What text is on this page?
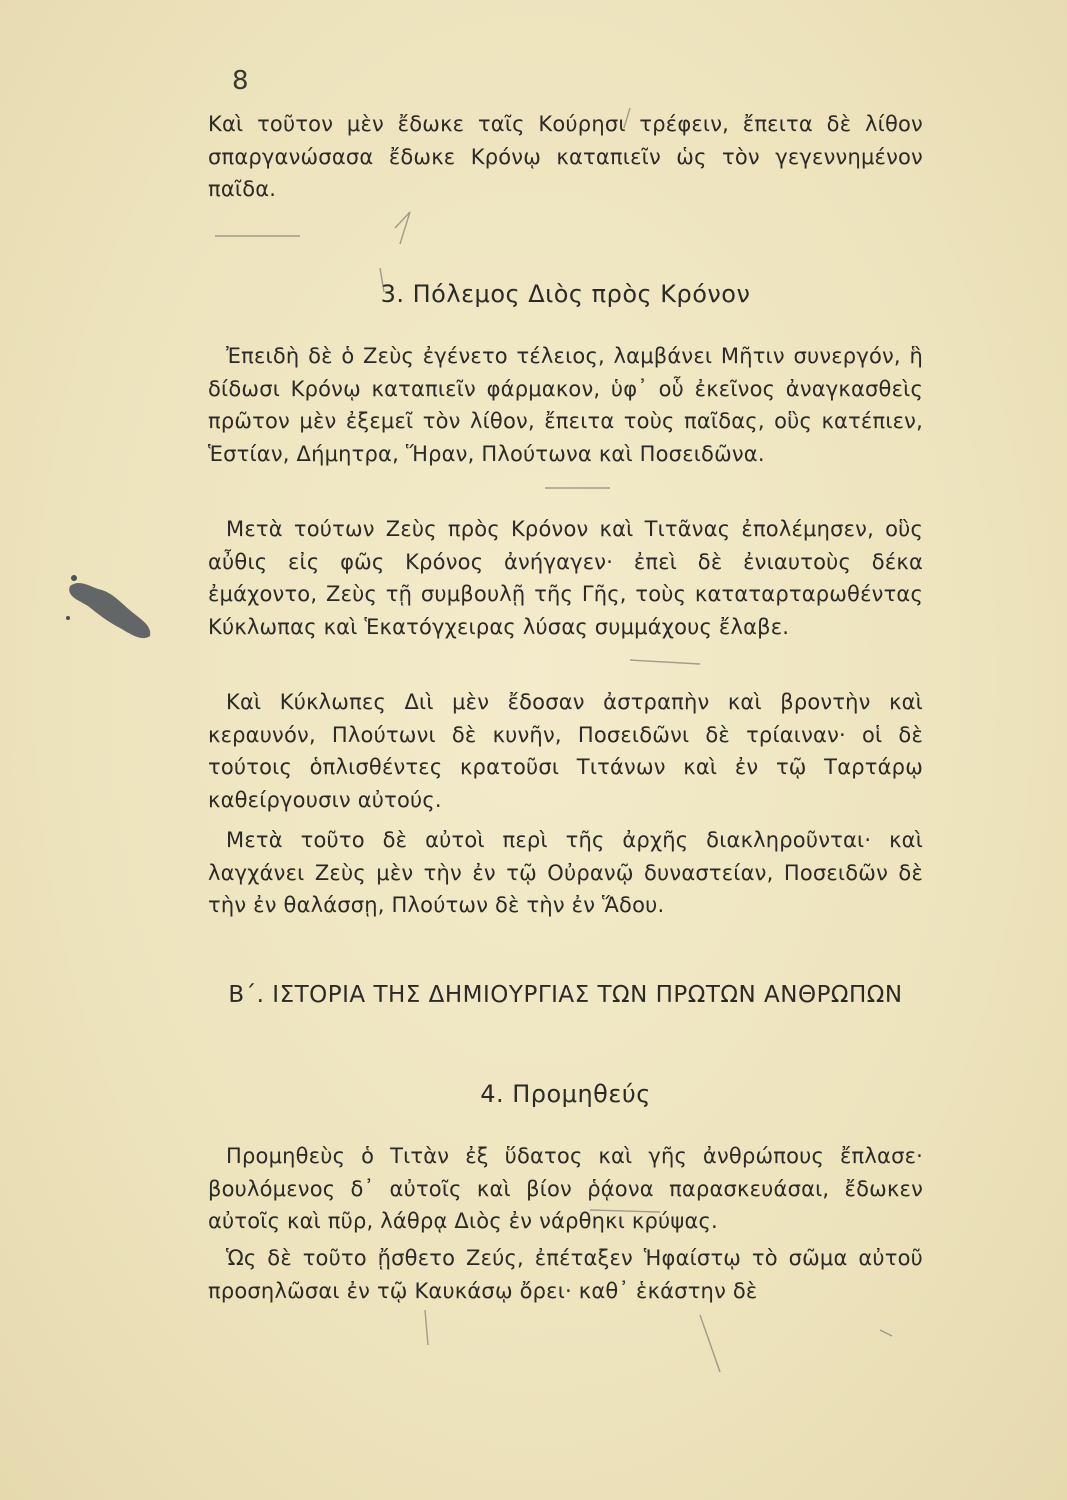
8

Καὶ τοῦτον μὲν ἔδωκε ταῖς Κούρησι τρέφειν, ἔπειτα δὲ λίθον σπαργανώσασα ἔδωκε Κρόνῳ καταπιεῖν ὡς τὸν γεγεννημένον παῖδα.

3. Πόλεμος Διὸς πρὸς Κρόνον

Ἐπειδὴ δὲ ὁ Ζεὺς ἐγένετο τέλειος, λαμβάνει Μῆτιν συνεργόν, ἣ δίδωσι Κρόνῳ καταπιεῖν φάρμακον, ὑφ᾿ οὗ ἐκεῖνος ἀναγκασθεὶς πρῶτον μὲν ἐξεμεῖ τὸν λίθον, ἔπειτα τοὺς παῖδας, οὓς κατέπιεν, Ἑστίαν, Δήμητρα, Ἥραν, Πλούτωνα καὶ Ποσειδῶνα.

Μετὰ τούτων Ζεὺς πρὸς Κρόνον καὶ Τιτᾶνας ἐπολέμησεν, οὓς αὖθις εἰς φῶς Κρόνος ἀνήγαγεν· ἐπεὶ δὲ ἐνιαυτοὺς δέκα ἐμάχοντο, Ζεὺς τῇ συμβουλῇ τῆς Γῆς, τοὺς καταταρταρωθέντας Κύκλωπας καὶ Ἑκατόγχειρας λύσας συμμάχους ἔλαβε.

Καὶ Κύκλωπες Διὶ μὲν ἔδοσαν ἀστραπὴν καὶ βροντὴν καὶ κεραυνόν, Πλούτωνι δὲ κυνῆν, Ποσειδῶνι δὲ τρίαιναν· οἱ δὲ τούτοις ὁπλισθέντες κρατοῦσι Τιτάνων καὶ ἐν τῷ Ταρτάρῳ καθείργουσιν αὐτούς.

Μετὰ τοῦτο δὲ αὐτοὶ περὶ τῆς ἀρχῆς διακληροῦνται· καὶ λαγχάνει Ζεὺς μὲν τὴν ἐν τῷ Οὐρανῷ δυναστείαν, Ποσειδῶν δὲ τὴν ἐν θαλάσσῃ, Πλούτων δὲ τὴν ἐν Ἅδου.

Β΄. ΙΣΤΟΡΙΑ ΤΗΣ ΔΗΜΙΟΥΡΓΙΑΣ ΤΩΝ ΠΡΩΤΩΝ ΑΝΘΡΩΠΩΝ
4. Προμηθεύς

Προμηθεὺς ὁ Τιτὰν ἐξ ὕδατος καὶ γῆς ἀνθρώπους ἔπλασε· βουλόμενος δ᾿ αὐτοῖς καὶ βίον ῥᾴονα παρασκευάσαι, ἔδωκεν αὐτοῖς καὶ πῦρ, λάθρᾳ Διὸς ἐν νάρθηκι κρύψας.

Ὡς δὲ τοῦτο ᾔσθετο Ζεύς, ἐπέταξεν Ἡφαίστῳ τὸ σῶμα αὐτοῦ προσηλῶσαι ἐν τῷ Καυκάσῳ ὄρει· καθ᾿ ἑκάστην δὲ
